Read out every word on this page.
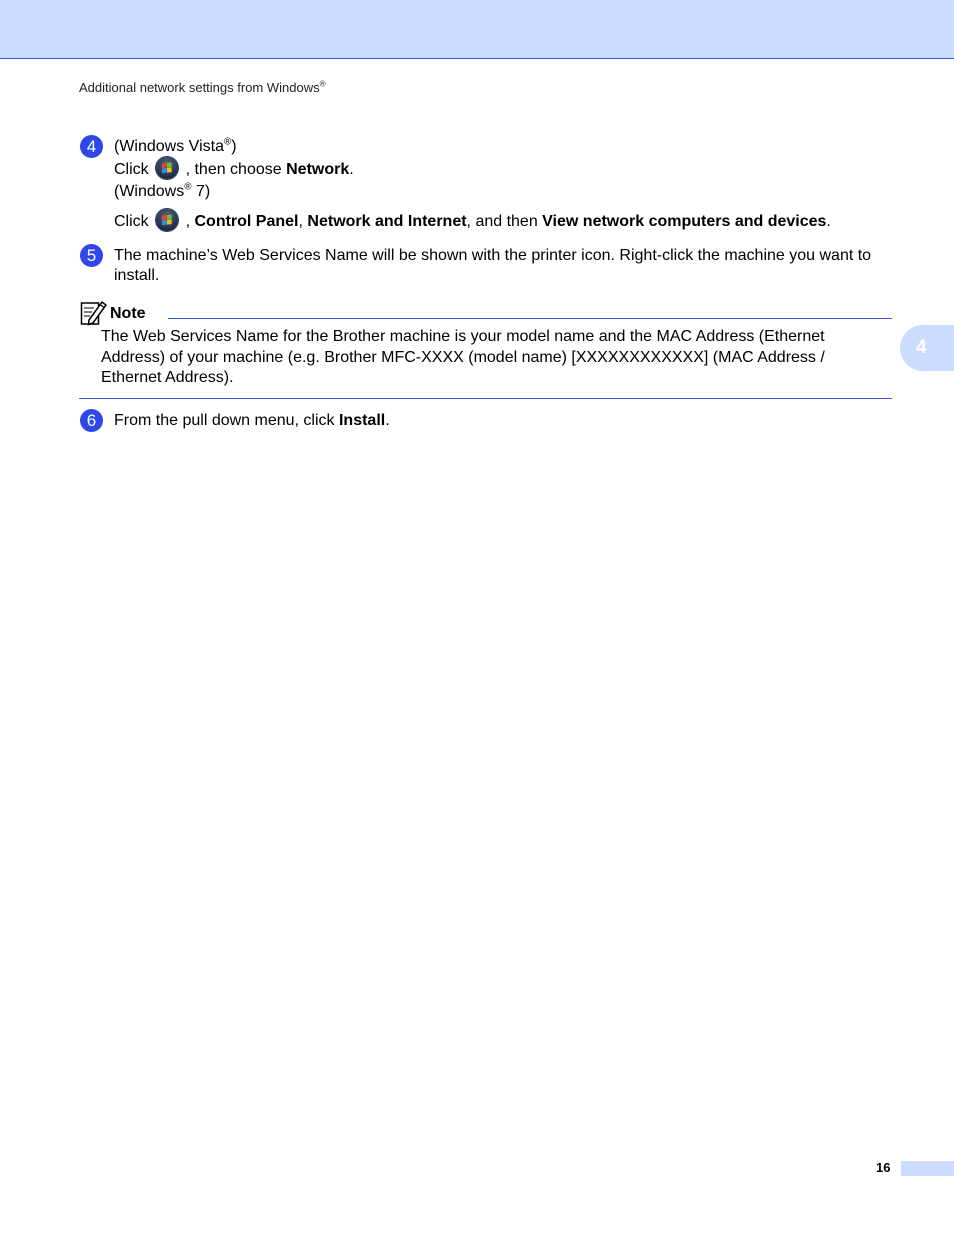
Additional network settings from Windows®
4
4	(Windows Vista®)
Click , then choose Network.
(Windows® 7)
Click , Control Panel, Network and Internet, and then View network computers and devices.
5	The machine’s Web Services Name will be shown with the printer icon. Right-click the machine you want to install.
Note
The Web Services Name for the Brother machine is your model name and the MAC Address (Ethernet Address) of your machine (e.g. Brother MFC-XXXX (model name) [XXXXXXXXXXXX] (MAC Address / Ethernet Address).
6	From the pull down menu, click Install.
16
